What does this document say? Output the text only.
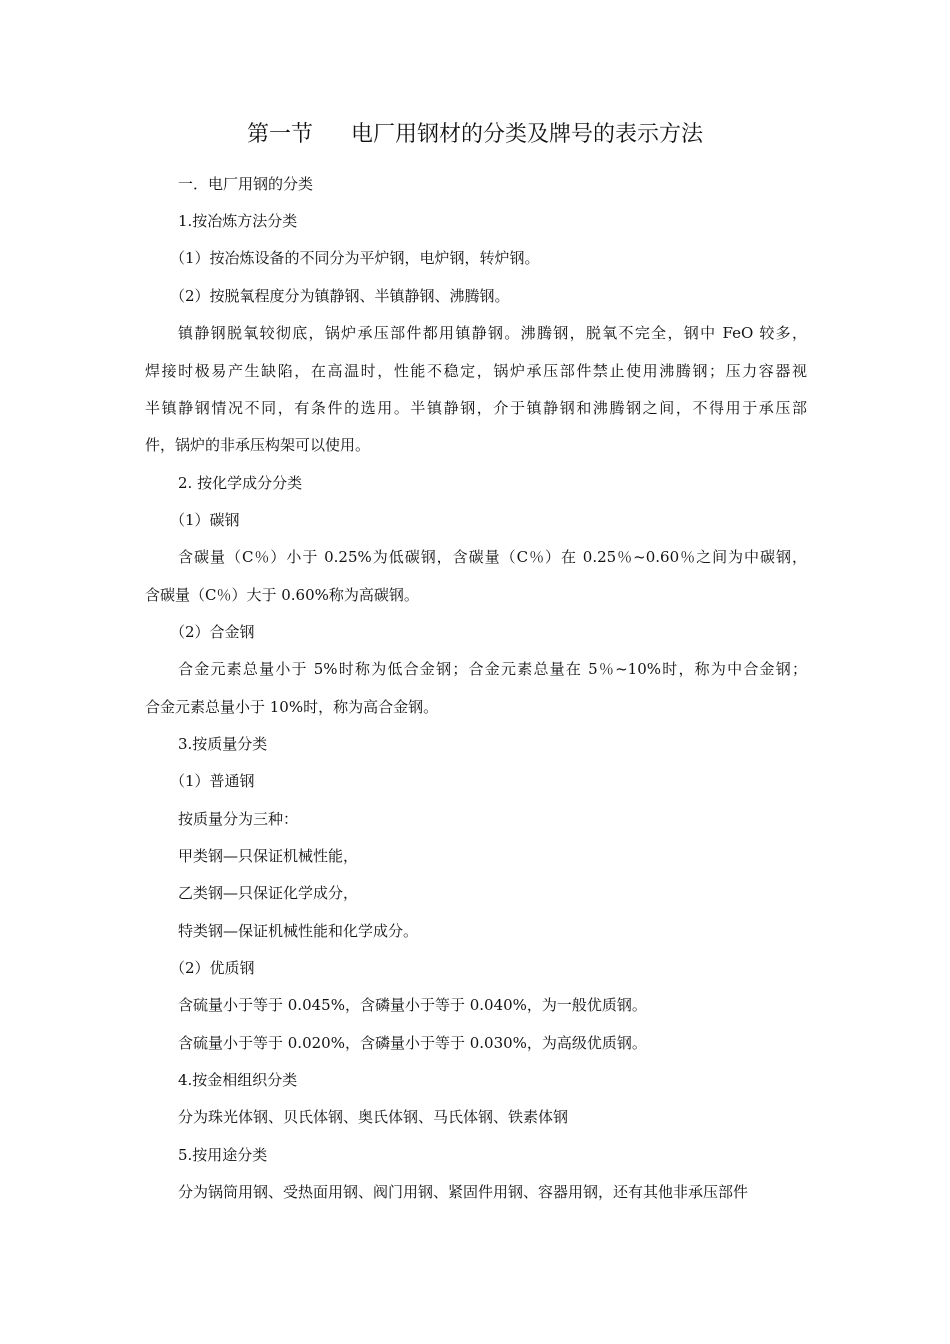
第一节 电厂用钢材的分类及牌号的表示方法
一．电厂用钢的分类
1.按冶炼方法分类
（1）按冶炼设备的不同分为平炉钢，电炉钢，转炉钢。
（2）按脱氧程度分为镇静钢、半镇静钢、沸腾钢。
镇静钢脱氧较彻底，锅炉承压部件都用镇静钢。沸腾钢，脱氧不完全，钢中 FeO 较多，
焊接时极易产生缺陷，在高温时，性能不稳定，锅炉承压部件禁止使用沸腾钢；压力容器视
半镇静钢情况不同，有条件的选用。半镇静钢，介于镇静钢和沸腾钢之间，不得用于承压部
件，锅炉的非承压构架可以使用。
2. 按化学成分分类
（1）碳钢
含碳量（C％）小于 0.25%为低碳钢，含碳量（C％）在 0.25％~0.60％之间为中碳钢，
含碳量（C％）大于 0.60%称为高碳钢。
（2）合金钢
合金元素总量小于 5%时称为低合金钢；合金元素总量在 5％~10%时，称为中合金钢；
合金元素总量小于 10%时，称为高合金钢。
3.按质量分类
（1）普通钢
按质量分为三种：
甲类钢—只保证机械性能，
乙类钢—只保证化学成分，
特类钢—保证机械性能和化学成分。
（2）优质钢
含硫量小于等于 0.045%，含磷量小于等于 0.040%，为一般优质钢。
含硫量小于等于 0.020%，含磷量小于等于 0.030%，为高级优质钢。
4.按金相组织分类
分为珠光体钢、贝氏体钢、奥氏体钢、马氏体钢、铁素体钢
5.按用途分类
分为锅筒用钢、受热面用钢、阀门用钢、紧固件用钢、容器用钢，还有其他非承压部件
